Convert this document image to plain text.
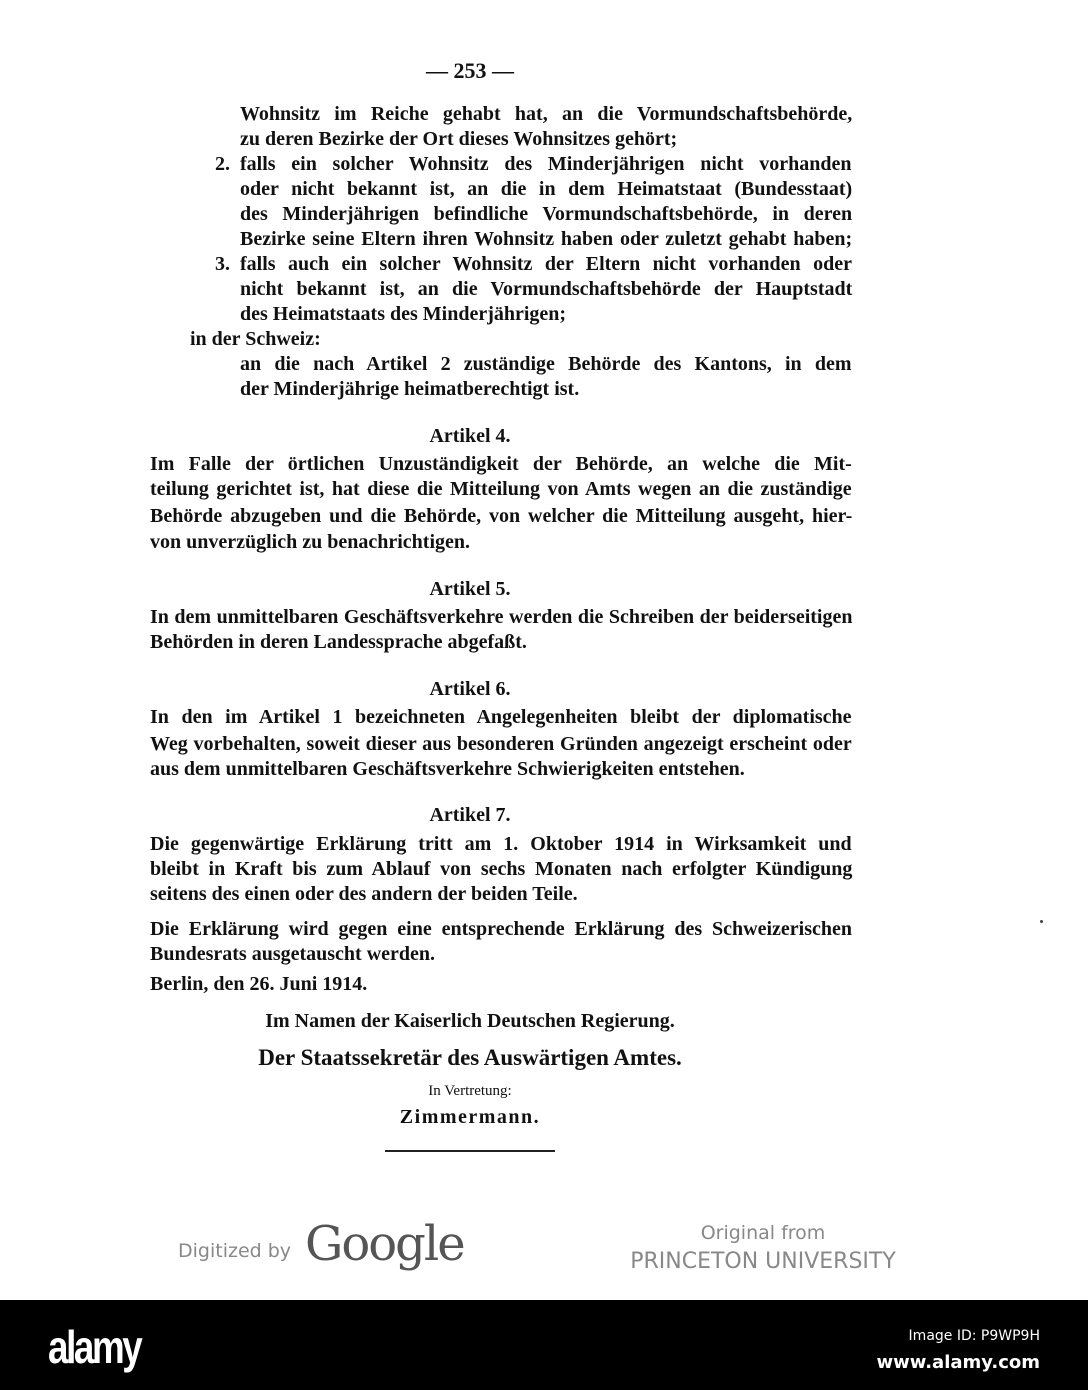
— 253 —
Wohnsitz im Reiche gehabt hat, an die Vormundschaftsbehörde,
zu deren Bezirke der Ort dieses Wohnsitzes gehört;
2. falls ein solcher Wohnsitz des Minderjährigen nicht vorhanden
oder nicht bekannt ist, an die in dem Heimatstaat (Bundesstaat)
des Minderjährigen befindliche Vormundschaftsbehörde, in deren
Bezirke seine Eltern ihren Wohnsitz haben oder zuletzt gehabt haben;
3. falls auch ein solcher Wohnsitz der Eltern nicht vorhanden oder
nicht bekannt ist, an die Vormundschaftsbehörde der Hauptstadt
des Heimatstaats des Minderjährigen;
in der Schweiz:
an die nach Artikel 2 zuständige Behörde des Kantons, in dem
der Minderjährige heimatberechtigt ist.
Artikel 4.
Im Falle der örtlichen Unzuständigkeit der Behörde, an welche die Mit-
teilung gerichtet ist, hat diese die Mitteilung von Amts wegen an die zuständige
Behörde abzugeben und die Behörde, von welcher die Mitteilung ausgeht, hier-
von unverzüglich zu benachrichtigen.
Artikel 5.
In dem unmittelbaren Geschäftsverkehre werden die Schreiben der beiderseitigen
Behörden in deren Landessprache abgefaßt.
Artikel 6.
In den im Artikel 1 bezeichneten Angelegenheiten bleibt der diplomatische
Weg vorbehalten, soweit dieser aus besonderen Gründen angezeigt erscheint oder
aus dem unmittelbaren Geschäftsverkehre Schwierigkeiten entstehen.
Artikel 7.
Die gegenwärtige Erklärung tritt am 1. Oktober 1914 in Wirksamkeit und
bleibt in Kraft bis zum Ablauf von sechs Monaten nach erfolgter Kündigung
seitens des einen oder des andern der beiden Teile.
Die Erklärung wird gegen eine entsprechende Erklärung des Schweizerischen
Bundesrats ausgetauscht werden.
Berlin, den 26. Juni 1914.
Im Namen der Kaiserlich Deutschen Regierung.
Der Staatssekretär des Auswärtigen Amtes.
In Vertretung:
Zimmermann.
Digitized by Google	Original from
PRINCETON UNIVERSITY
alamy	Image ID: P9WP9H
www.alamy.com
